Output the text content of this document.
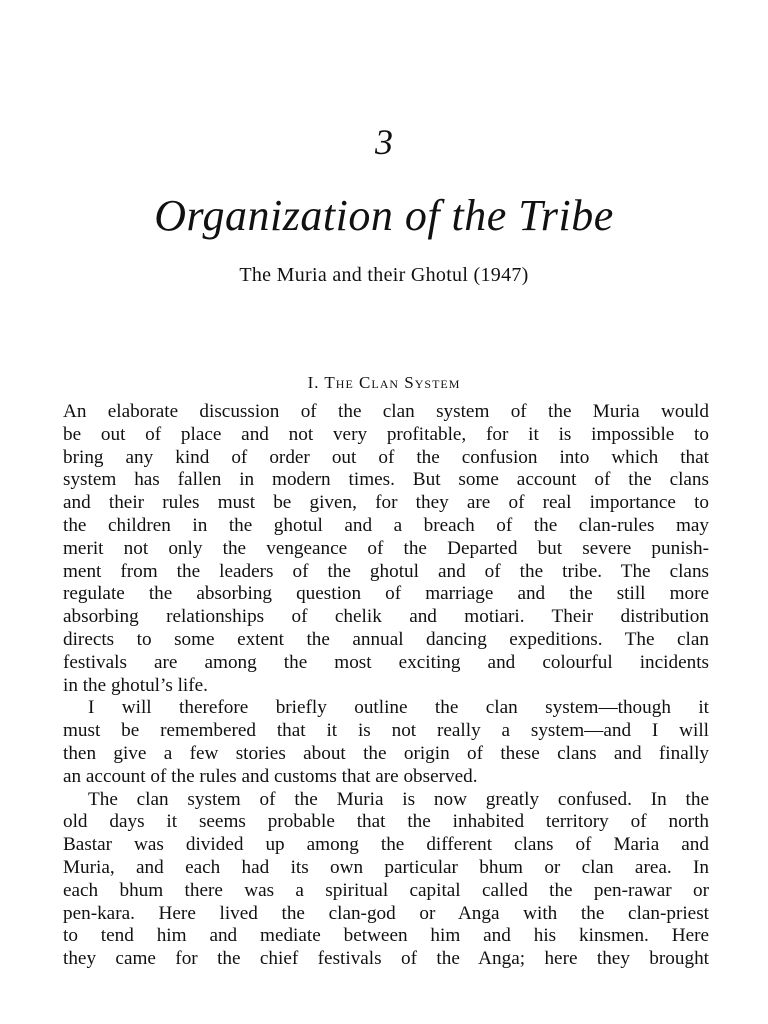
3
Organization of the Tribe
The Muria and their Ghotul (1947)
I. The Clan System
An elaborate discussion of the clan system of the Muria would
be out of place and not very profitable, for it is impossible to
bring any kind of order out of the confusion into which that
system has fallen in modern times. But some account of the clans
and their rules must be given, for they are of real importance to
the children in the ghotul and a breach of the clan-rules may
merit not only the vengeance of the Departed but severe punish-
ment from the leaders of the ghotul and of the tribe. The clans
regulate the absorbing question of marriage and the still more
absorbing relationships of chelik and motiari. Their distribution
directs to some extent the annual dancing expeditions. The clan
festivals are among the most exciting and colourful incidents
in the ghotul’s life.
I will therefore briefly outline the clan system—though it
must be remembered that it is not really a system—and I will
then give a few stories about the origin of these clans and finally
an account of the rules and customs that are observed.
The clan system of the Muria is now greatly confused. In the
old days it seems probable that the inhabited territory of north
Bastar was divided up among the different clans of Maria and
Muria, and each had its own particular bhum or clan area. In
each bhum there was a spiritual capital called the pen-rawar or
pen-kara. Here lived the clan-god or Anga with the clan-priest
to tend him and mediate between him and his kinsmen. Here
they came for the chief festivals of the Anga; here they brought
